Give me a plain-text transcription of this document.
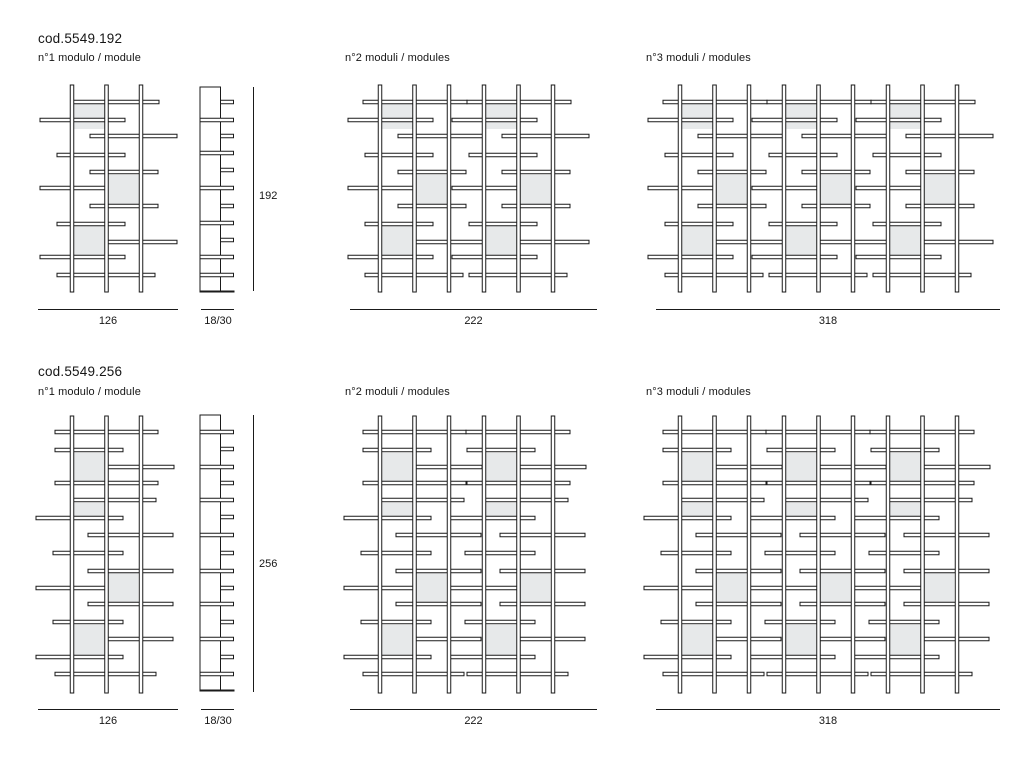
cod.5549.192
n°1 modulo / module	n°2 moduli / modules	n°3 moduli / modules
192
126	18/30	222	318
cod.5549.256
n°1 modulo / module	n°2 moduli / modules	n°3 moduli / modules
256
126	18/30	222	318
